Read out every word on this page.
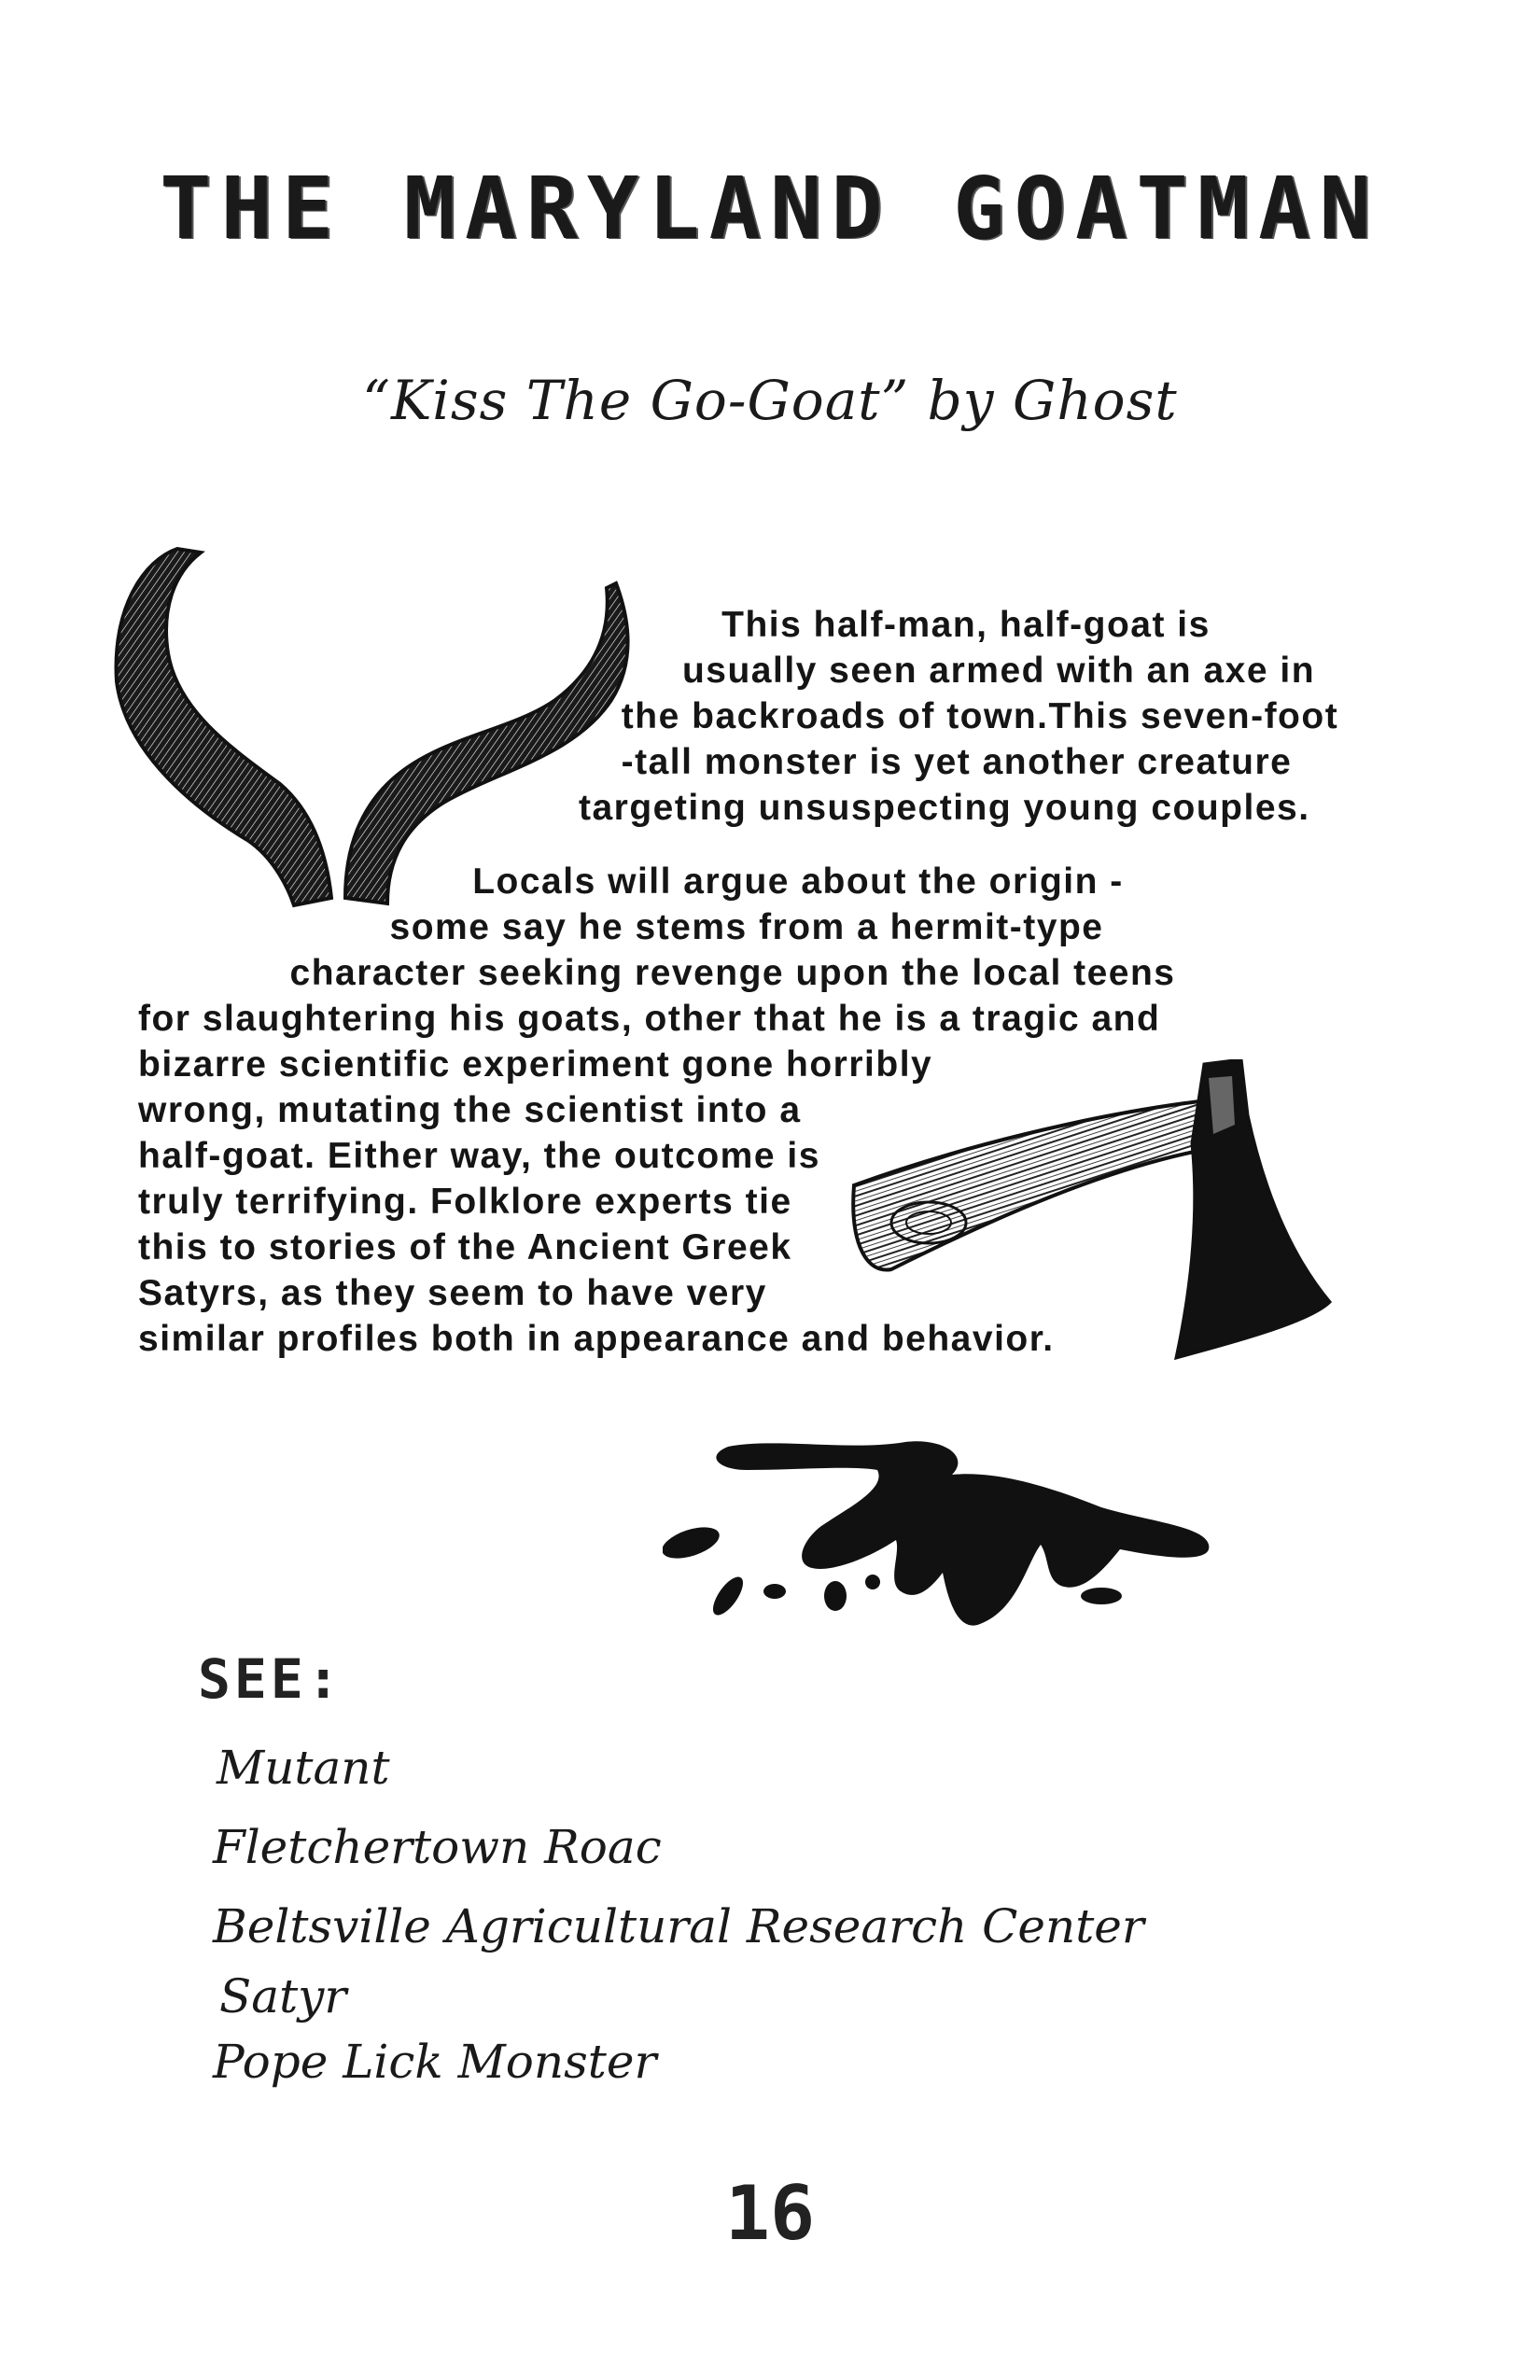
THE MARYLAND GOATMAN
“Kiss The Go-Goat” by Ghost
This half-man, half-goat is
usually seen armed with an axe in
the backroads of town.This seven-foot
-tall monster is yet another creature
targeting unsuspecting young couples.
Locals will argue about the origin -
some say he stems from a hermit-type
character seeking revenge upon the local teens
for slaughtering his goats, other that he is a tragic and
bizarre scientific experiment gone horribly
wrong, mutating the scientist into a
half-goat. Either way, the outcome is
truly terrifying. Folklore experts tie
this to stories of the Ancient Greek
Satyrs, as they seem to have very
similar profiles both in appearance and behavior.
SEE:
Mutant
Fletchertown Roac
Beltsville Agricultural Research Center
Satyr
Pope Lick Monster
16
